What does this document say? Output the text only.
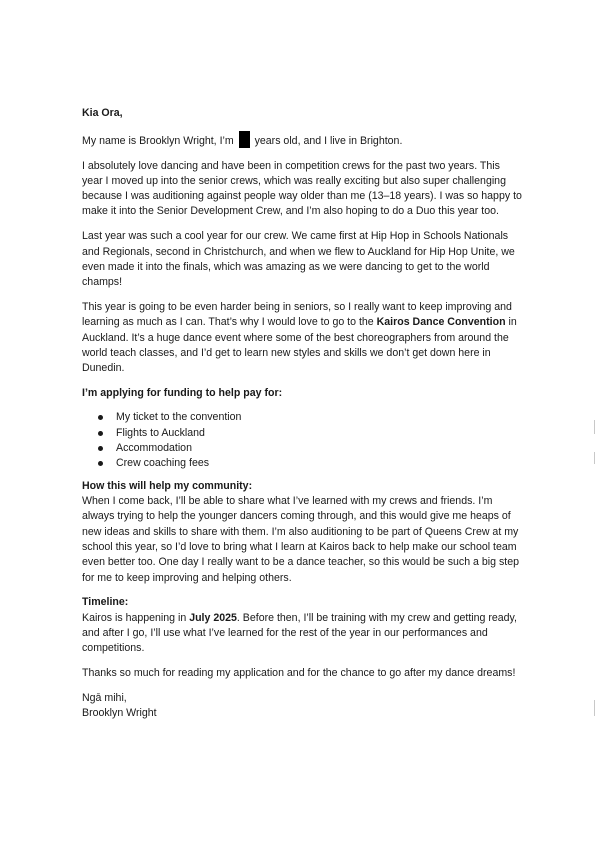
Kia Ora,

My name is Brooklyn Wright, I’m  years old, and I live in Brighton.

I absolutely love dancing and have been in competition crews for the past two years. This year I moved up into the senior crews, which was really exciting but also super challenging because I was auditioning against people way older than me (13–18 years). I was so happy to make it into the Senior Development Crew, and I’m also hoping to do a Duo this year too.

Last year was such a cool year for our crew. We came first at Hip Hop in Schools Nationals and Regionals, second in Christchurch, and when we flew to Auckland for Hip Hop Unite, we even made it into the finals, which was amazing as we were dancing to get to the world champs!

This year is going to be even harder being in seniors, so I really want to keep improving and learning as much as I can. That’s why I would love to go to the Kairos Dance Convention in Auckland. It’s a huge dance event where some of the best choreographers from around the world teach classes, and I’d get to learn new styles and skills we don’t get down here in Dunedin.

I’m applying for funding to help pay for:

My ticket to the convention
Flights to Auckland
Accommodation
Crew coaching fees

How this will help my community:

When I come back, I’ll be able to share what I’ve learned with my crews and friends. I’m always trying to help the younger dancers coming through, and this would give me heaps of new ideas and skills to share with them. I’m also auditioning to be part of Queens Crew at my school this year, so I’d love to bring what I learn at Kairos back to help make our school team even better too. One day I really want to be a dance teacher, so this would be such a big step for me to keep improving and helping others.

Timeline:

Kairos is happening in July 2025. Before then, I’ll be training with my crew and getting ready, and after I go, I’ll use what I’ve learned for the rest of the year in our performances and competitions.

Thanks so much for reading my application and for the chance to go after my dance dreams!

Ngā mihi,

Brooklyn Wright
